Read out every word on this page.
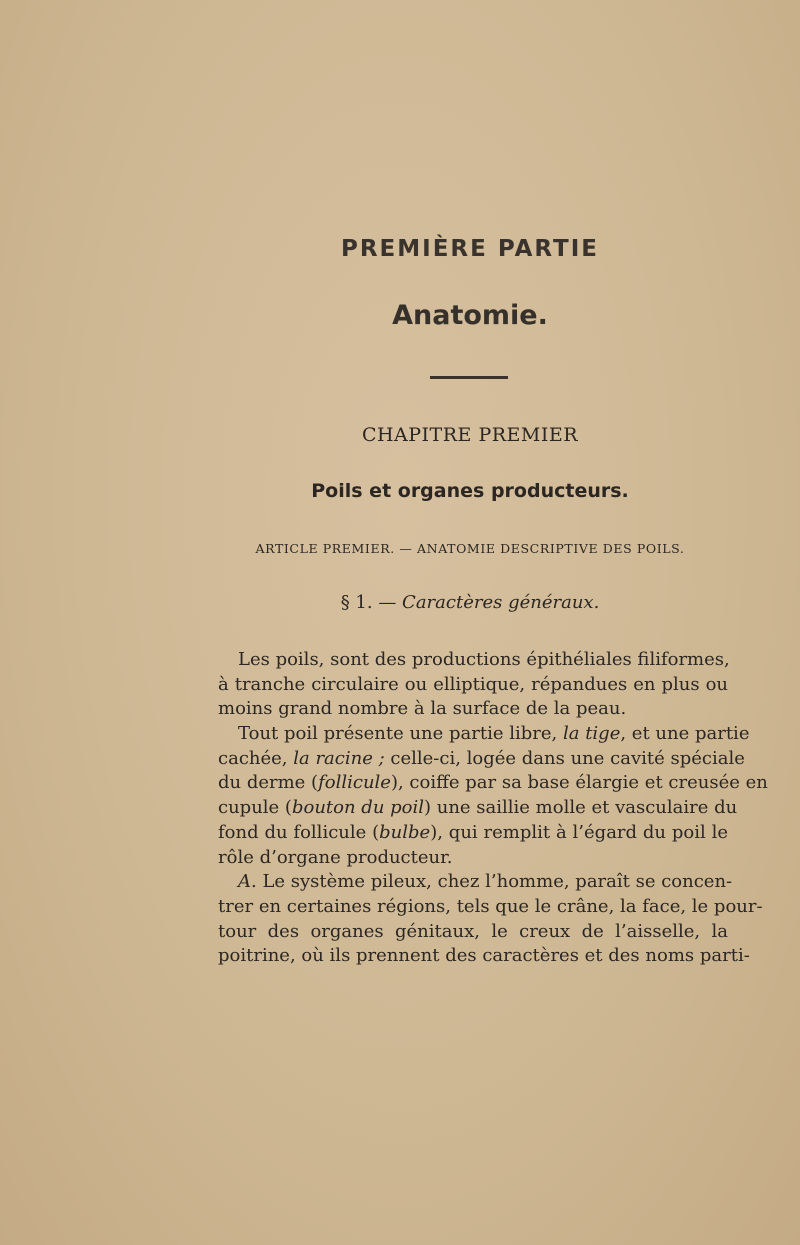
PREMIÈRE PARTIE
Anatomie.
CHAPITRE PREMIER
Poils et organes producteurs.
ARTICLE PREMIER. — ANATOMIE DESCRIPTIVE DES POILS.
§ 1. — Caractères généraux.
Les poils, sont des productions épithéliales filiformes,
à tranche circulaire ou elliptique, répandues en plus ou
moins grand nombre à la surface de la peau.
Tout poil présente une partie libre, la tige, et une partie
cachée, la racine ; celle-ci, logée dans une cavité spéciale
du derme (follicule), coiffe par sa base élargie et creusée en
cupule (bouton du poil) une saillie molle et vasculaire du
fond du follicule (bulbe), qui remplit à l’égard du poil le
rôle d’organe producteur.
A. Le système pileux, chez l’homme, paraît se concen-
trer en certaines régions, tels que le crâne, la face, le pour-
tour des organes génitaux, le creux de l’aisselle, la
poitrine, où ils prennent des caractères et des noms parti-
